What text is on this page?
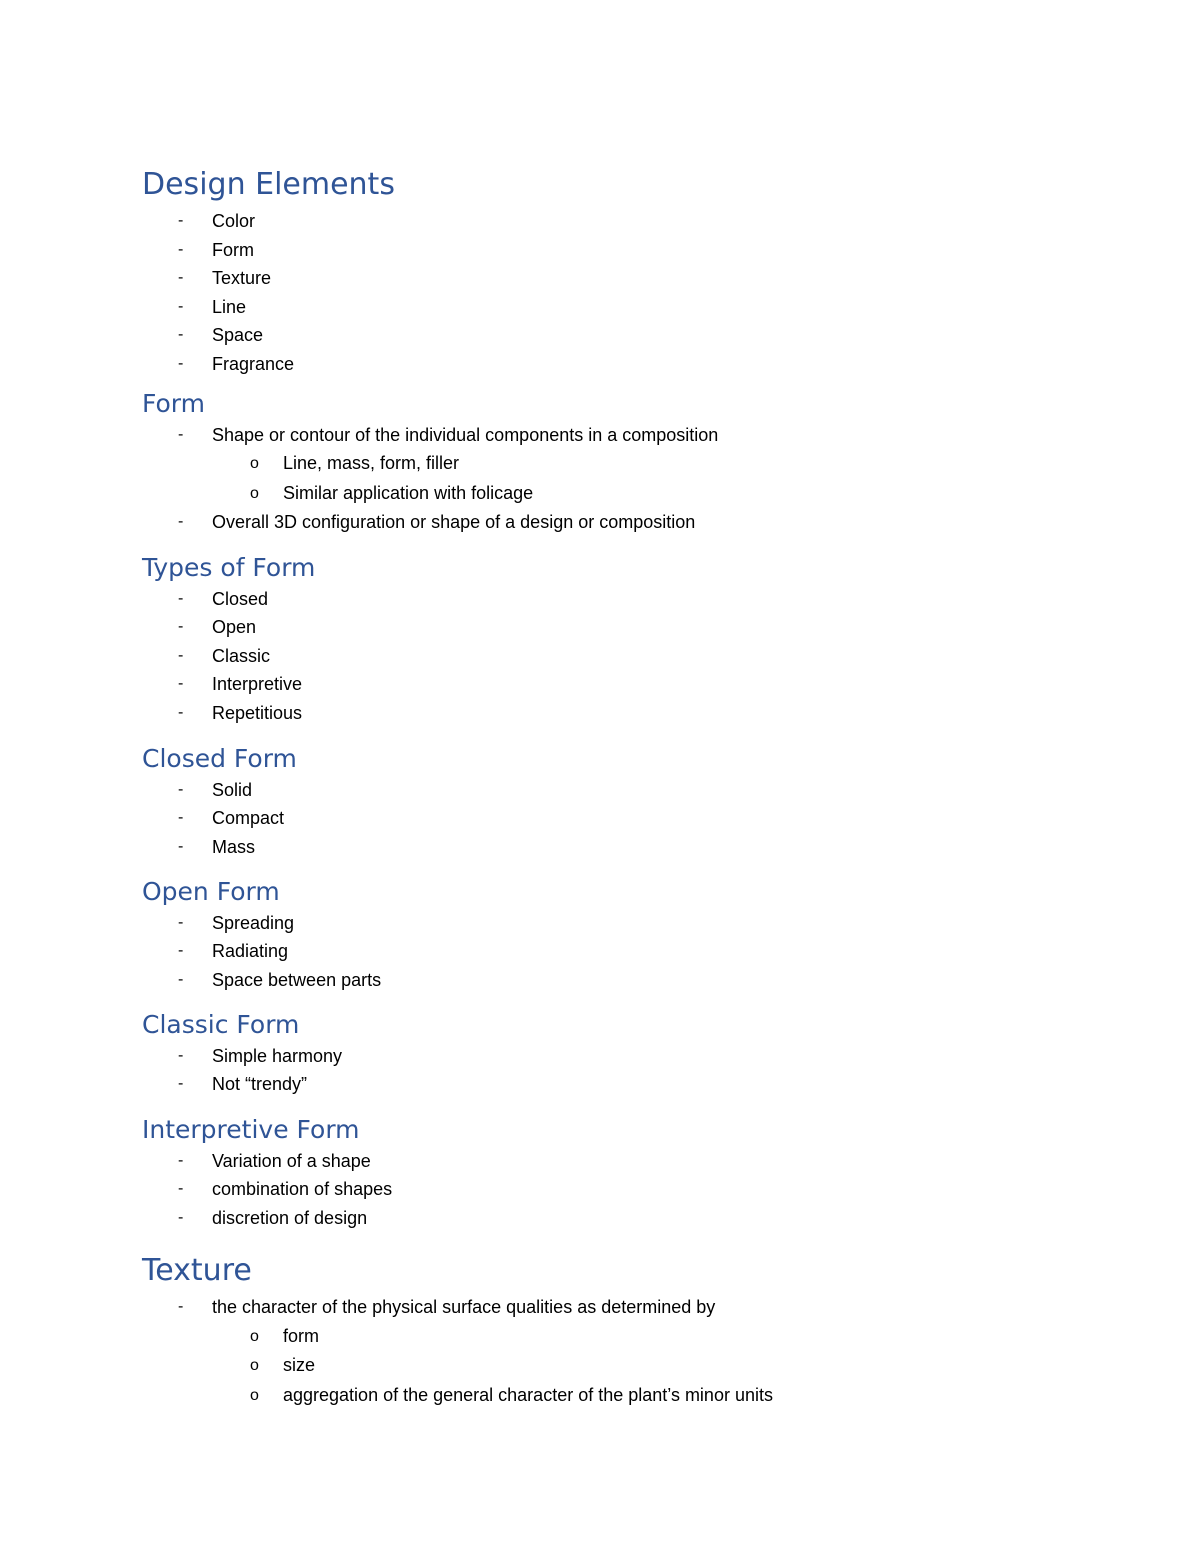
Design Elements
- Color
- Form
- Texture
- Line
- Space
- Fragrance
Form
- Shape or contour of the individual components in a composition
o Line, mass, form, filler
o Similar application with folicage
- Overall 3D configuration or shape of a design or composition
Types of Form
- Closed
- Open
- Classic
- Interpretive
- Repetitious
Closed Form
- Solid
- Compact
- Mass
Open Form
- Spreading
- Radiating
- Space between parts
Classic Form
- Simple harmony
- Not “trendy”
Interpretive Form
- Variation of a shape
- combination of shapes
- discretion of design
Texture
- the character of the physical surface qualities as determined by
o form
o size
o aggregation of the general character of the plant’s minor units
